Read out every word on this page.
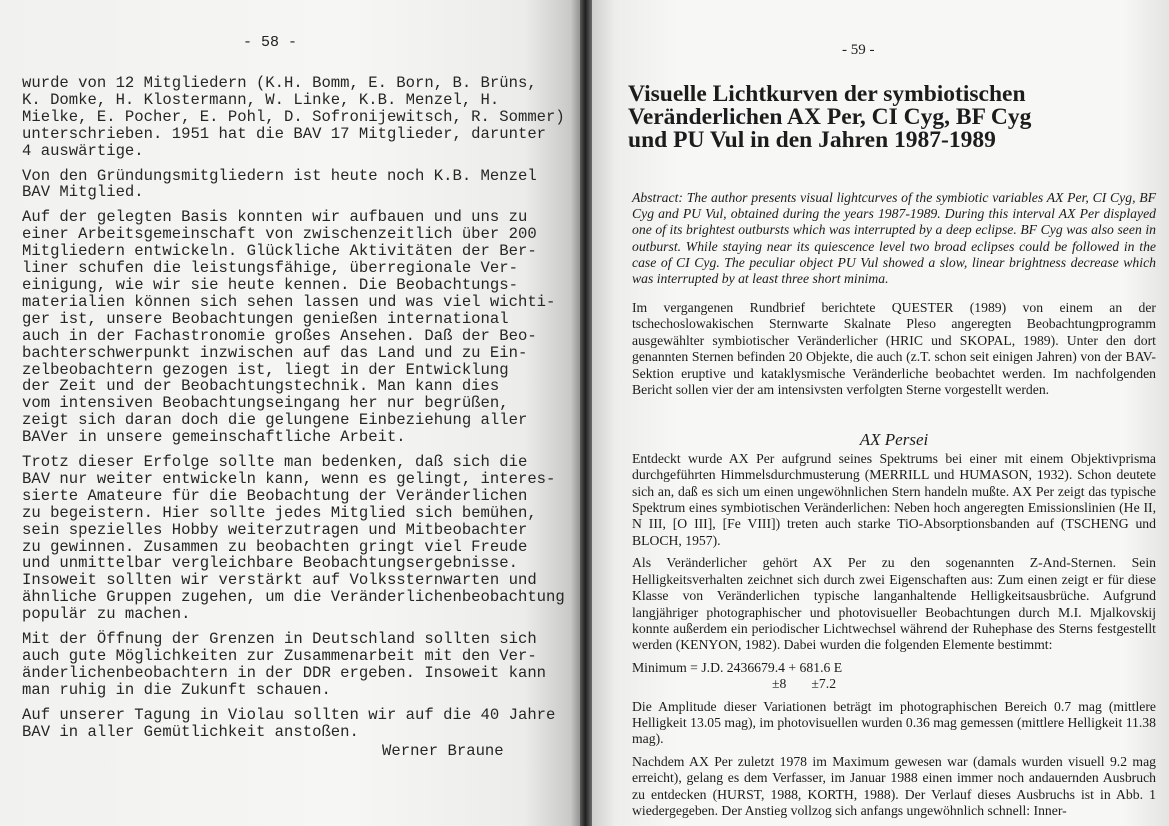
- 58 -
wurde von 12 Mitgliedern (K.H. Bomm, E. Born, B. Brüns,
K. Domke, H. Klostermann, W. Linke, K.B. Menzel, H.
Mielke, E. Pocher, E. Pohl, D. Sofronijewitsch, R. Sommer)
unterschrieben. 1951 hat die BAV 17 Mitglieder, darunter
4 auswärtige.
Von den Gründungsmitgliedern ist heute noch K.B. Menzel
BAV Mitglied.
Auf der gelegten Basis konnten wir aufbauen und uns zu
einer Arbeitsgemeinschaft von zwischenzeitlich über 200
Mitgliedern entwickeln. Glückliche Aktivitäten der Ber-
liner schufen die leistungsfähige, überregionale Ver-
einigung, wie wir sie heute kennen. Die Beobachtungs-
materialien können sich sehen lassen und was viel wichti-
ger ist, unsere Beobachtungen genießen international
auch in der Fachastronomie großes Ansehen. Daß der Beo-
bachterschwerpunkt inzwischen auf das Land und zu Ein-
zelbeobachtern gezogen ist, liegt in der Entwicklung
der Zeit und der Beobachtungstechnik. Man kann dies
vom intensiven Beobachtungseingang her nur begrüßen,
zeigt sich daran doch die gelungene Einbeziehung aller
BAVer in unsere gemeinschaftliche Arbeit.
Trotz dieser Erfolge sollte man bedenken, daß sich die
BAV nur weiter entwickeln kann, wenn es gelingt, interes-
sierte Amateure für die Beobachtung der Veränderlichen
zu begeistern. Hier sollte jedes Mitglied sich bemühen,
sein spezielles Hobby weiterzutragen und Mitbeobachter
zu gewinnen. Zusammen zu beobachten gringt viel Freude
und unmittelbar vergleichbare Beobachtungsergebnisse.
Insoweit sollten wir verstärkt auf Volkssternwarten und
ähnliche Gruppen zugehen, um die Veränderlichenbeobachtung
populär zu machen.
Mit der Öffnung der Grenzen in Deutschland sollten sich
auch gute Möglichkeiten zur Zusammenarbeit mit den Ver-
änderlichenbeobachtern in der DDR ergeben. Insoweit kann
man ruhig in die Zukunft schauen.
Auf unserer Tagung in Violau sollten wir auf die 40 Jahre
BAV in aller Gemütlichkeit anstoßen.
Werner Braune
- 59 -
Visuelle Lichtkurven der symbiotischen Veränderlichen AX Per, CI Cyg, BF Cyg und PU Vul in den Jahren 1987-1989
Abstract: The author presents visual lightcurves of the symbiotic variables AX Per, CI Cyg, BF Cyg and PU Vul, obtained during the years 1987-1989. During this interval AX Per displayed one of its brightest outbursts which was interrupted by a deep eclipse. BF Cyg was also seen in outburst. While staying near its quiescence level two broad eclipses could be followed in the case of CI Cyg. The peculiar object PU Vul showed a slow, linear brightness decrease which was interrupted by at least three short minima.

Im vergangenen Rundbrief berichtete QUESTER (1989) von einem an der tschechoslowakischen Sternwarte Skalnate Pleso angeregten Beobachtungprogramm ausgewählter symbiotischer Veränderlicher (HRIC und SKOPAL, 1989). Unter den dort genannten Sternen befinden 20 Objekte, die auch (z.T. schon seit einigen Jahren) von der BAV-Sektion eruptive und kataklysmische Veränderliche beobachtet werden. Im nachfolgenden Bericht sollen vier der am intensivsten verfolgten Sterne vorgestellt werden.

AX Persei

Entdeckt wurde AX Per aufgrund seines Spektrums bei einer mit einem Objektivprisma durchgeführten Himmelsdurchmusterung (MERRILL und HUMASON, 1932). Schon deutete sich an, daß es sich um einen ungewöhnlichen Stern handeln mußte. AX Per zeigt das typische Spektrum eines symbiotischen Veränderlichen: Neben hoch angeregten Emissionslinien (He II, N III, [O III], [Fe VIII]) treten auch starke TiO-Absorptionsbanden auf (TSCHENG und BLOCH, 1957).

Als Veränderlicher gehört AX Per zu den sogenannten Z-And-Sternen. Sein Helligkeitsverhalten zeichnet sich durch zwei Eigenschaften aus: Zum einen zeigt er für diese Klasse von Veränderlichen typische langanhaltende Helligkeitsausbrüche. Aufgrund langjähriger photographischer und photovisueller Beobachtungen durch M.I. Mjalkovskij konnte außerdem ein periodischer Lichtwechsel während der Ruhephase des Sterns festgestellt werden (KENYON, 1982). Dabei wurden die folgenden Elemente bestimmt:

Minimum = J.D. 2436679.4 + 681.6 E
±8 ±7.2

Die Amplitude dieser Variationen beträgt im photographischen Bereich 0.7 mag (mittlere Helligkeit 13.05 mag), im photovisuellen wurden 0.36 mag gemessen (mittlere Helligkeit 11.38 mag).

Nachdem AX Per zuletzt 1978 im Maximum gewesen war (damals wurden visuell 9.2 mag erreicht), gelang es dem Verfasser, im Januar 1988 einen immer noch andauernden Ausbruch zu entdecken (HURST, 1988, KORTH, 1988). Der Verlauf dieses Ausbruchs ist in Abb. 1 wiedergegeben. Der Anstieg vollzog sich anfangs ungewöhnlich schnell: Inner-
